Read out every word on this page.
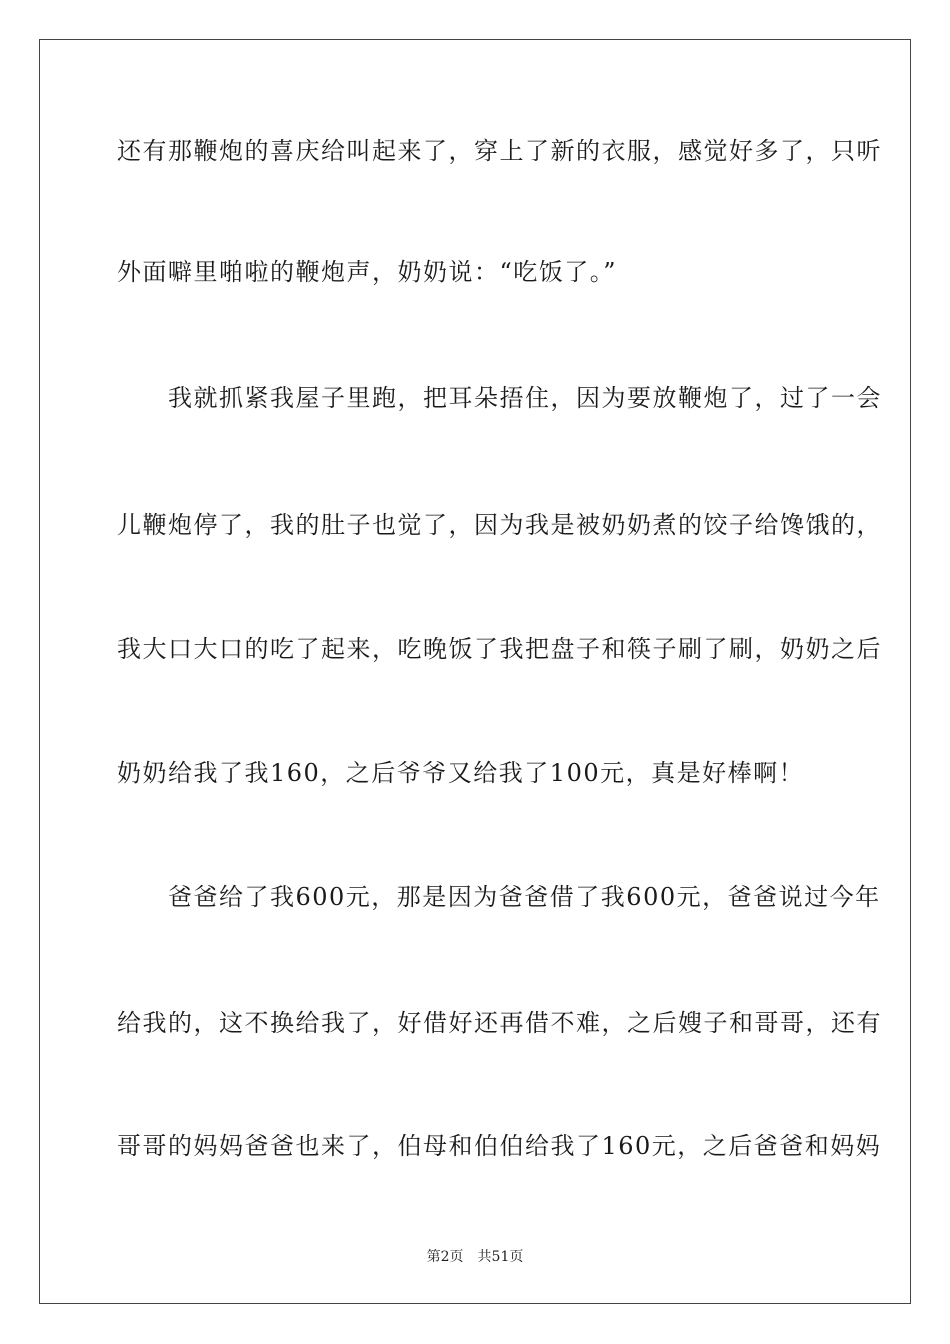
还有那鞭炮的喜庆给叫起来了，穿上了新的衣服，感觉好多了，只听
外面噼里啪啦的鞭炮声，奶奶说：“吃饭了。”
　　我就抓紧我屋子里跑，把耳朵捂住，因为要放鞭炮了，过了一会
儿鞭炮停了，我的肚子也觉了，因为我是被奶奶煮的饺子给馋饿的，
我大口大口的吃了起来，吃晚饭了我把盘子和筷子刷了刷，奶奶之后
奶奶给我了我160，之后爷爷又给我了100元，真是好棒啊！
　　爸爸给了我600元，那是因为爸爸借了我600元，爸爸说过今年
给我的，这不换给我了，好借好还再借不难，之后嫂子和哥哥，还有
哥哥的妈妈爸爸也来了，伯母和伯伯给我了160元，之后爸爸和妈妈
第2页 共51页
